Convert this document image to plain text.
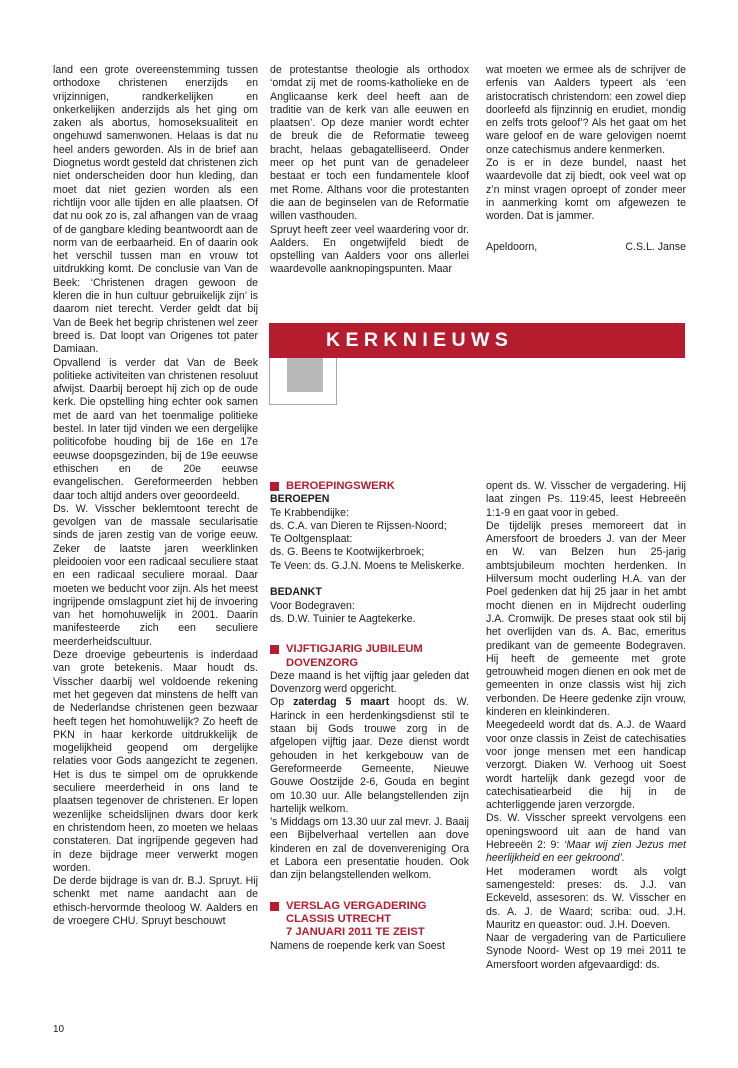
land een grote overeenstemming tussen orthodoxe christenen enerzijds en vrijzinnigen, randkerkelijken en onkerkelijken anderzijds als het ging om zaken als abortus, homoseksualiteit en ongehuwd samenwonen. Helaas is dat nu heel anders geworden. Als in de brief aan Diognetus wordt gesteld dat christenen zich niet onderscheiden door hun kleding, dan moet dat niet gezien worden als een richtlijn voor alle tijden en alle plaatsen. Of dat nu ook zo is, zal afhangen van de vraag of de gangbare kleding beantwoordt aan de norm van de eerbaarheid. En of daarin ook het verschil tussen man en vrouw tot uitdrukking komt. De conclusie van Van de Beek: ‘Christenen dragen gewoon de kleren die in hun cultuur gebruikelijk zijn’ is daarom niet terecht. Verder geldt dat bij Van de Beek het begrip christenen wel zeer breed is. Dat loopt van Origenes tot pater Damiaan.

Opvallend is verder dat Van de Beek politieke activiteiten van christenen resoluut afwijst. Daarbij beroept hij zich op de oude kerk. Die opstelling hing echter ook samen met de aard van het toenmalige politieke bestel. In later tijd vinden we een dergelijke politicofobe houding bij de 16e en 17e eeuwse doopsgezinden, bij de 19e eeuwse ethischen en de 20e eeuwse evangelischen. Gereformeerden hebben daar toch altijd anders over geoordeeld.

Ds. W. Visscher beklemtoont terecht de gevolgen van de massale secularisatie sinds de jaren zestig van de vorige eeuw. Zeker de laatste jaren weerklinken pleidooien voor een radicaal seculiere staat en een radicaal seculiere moraal. Daar moeten we beducht voor zijn. Als het meest ingrijpende omslagpunt ziet hij de invoering van het homohuwelijk in 2001. Daarin manifesteerde zich een seculiere meerderheidscultuur.

Deze droevige gebeurtenis is inderdaad van grote betekenis. Maar houdt ds. Visscher daarbij wel voldoende rekening met het gegeven dat minstens de helft van de Nederlandse christenen geen bezwaar heeft tegen het homohuwelijk? Zo heeft de PKN in haar kerkorde uitdrukkelijk de mogelijkheid geopend om dergelijke relaties voor Gods aangezicht te zegenen. Het is dus te simpel om de oprukkende seculiere meerderheid in ons land te plaatsen tegenover de christenen. Er lopen wezenlijke scheidslijnen dwars door kerk en christendom heen, zo moeten we helaas constateren. Dat ingrijpende gegeven had in deze bijdrage meer verwerkt mogen worden.

De derde bijdrage is van dr. B.J. Spruyt. Hij schenkt met name aandacht aan de ethisch-hervormde theoloog W. Aalders en de vroegere CHU. Spruyt beschouwt

de protestantse theologie als orthodox ‘omdat zij met de rooms-katholieke en de Anglicaanse kerk deel heeft aan de traditie van de kerk van alle eeuwen en plaatsen’. Op deze manier wordt echter de breuk die de Reformatie teweeg bracht, helaas gebagatelliseerd. Onder meer op het punt van de genadeleer bestaat er toch een fundamentele kloof met Rome. Althans voor die protestanten die aan de beginselen van de Reformatie willen vasthouden.

Spruyt heeft zeer veel waardering voor dr. Aalders. En ongetwijfeld biedt de opstelling van Aalders voor ons allerlei waardevolle aanknopingspunten. Maar

wat moeten we ermee als de schrijver de erfenis van Aalders typeert als ‘een aristocratisch christendom: een zowel diep doorleefd als fijnzinnig en erudiet, mondig en zelfs trots geloof’? Als het gaat om het ware geloof en de ware gelovigen noemt onze catechismus andere kenmerken.

Zo is er in deze bundel, naast het waardevolle dat zij biedt, ook veel wat op z’n minst vragen oproept of zonder meer in aanmerking komt om afgewezen te worden. Dat is jammer.

Apeldoorn,	C.S.L. Janse

KERKNIEUWS
BEROEPINGSWERK
BEROEPEN
Te Krabbendijke:
ds. C.A. van Dieren te Rijssen-Noord;
Te Ooltgensplaat:
ds. G. Beens te Kootwijkerbroek;
Te Veen: ds. G.J.N. Moens te Meliskerke.
BEDANKT
Voor Bodegraven:
ds. D.W. Tuinier te Aagtekerke.
VIJFTIGJARIG JUBILEUM
DOVENZORG

Deze maand is het vijftig jaar geleden dat Dovenzorg werd opgericht.

Op zaterdag 5 maart hoopt ds. W. Harinck in een herdenkingsdienst stil te staan bij Gods trouwe zorg in de afgelopen vijftig jaar. Deze dienst wordt gehouden in het kerkgebouw van de Gereformeerde Gemeente, Nieuwe Gouwe Oostzijde 2-6, Gouda en begint om 10.30 uur. Alle belangstellenden zijn hartelijk welkom.

’s Middags om 13.30 uur zal mevr. J. Baaij een Bijbelverhaal vertellen aan dove kinderen en zal de dovenvereniging Ora et Labora een presentatie houden. Ook dan zijn belangstellenden welkom.

VERSLAG VERGADERING
CLASSIS UTRECHT
7 JANUARI 2011 TE ZEIST

Namens de roepende kerk van Soest

opent ds. W. Visscher de vergadering. Hij laat zingen Ps. 119:45, leest Hebreeën 1:1-9 en gaat voor in gebed.

De tijdelijk preses memoreert dat in Amersfoort de broeders J. van der Meer en W. van Belzen hun 25-jarig ambtsjubileum mochten herdenken. In Hilversum mocht ouderling H.A. van der Poel gedenken dat hij 25 jaar in het ambt mocht dienen en in Mijdrecht ouderling J.A. Cromwijk. De preses staat ook stil bij het overlijden van ds. A. Bac, emeritus predikant van de gemeente Bodegraven. Hij heeft de gemeente met grote getrouwheid mogen dienen en ook met de gemeenten in onze classis wist hij zich verbonden. De Heere gedenke zijn vrouw, kinderen en kleinkinderen.

Meegedeeld wordt dat ds. A.J. de Waard voor onze classis in Zeist de catechisaties voor jonge mensen met een handicap verzorgt. Diaken W. Verhoog uit Soest wordt hartelijk dank gezegd voor de catechisatiearbeid die hij in de achterliggende jaren verzorgde.

Ds. W. Visscher spreekt vervolgens een openingswoord uit aan de hand van Hebreeën 2: 9: ‘Maar wij zien Jezus met heerlijkheid en eer gekroond’.

Het moderamen wordt als volgt samengesteld: preses: ds. J.J. van Eckeveld, assesoren: ds. W. Visscher en ds. A. J. de Waard; scriba: oud. J.H. Mauritz en queastor: oud. J.H. Doeven.

Naar de vergadering van de Particuliere Synode Noord- West op 19 mei 2011 te Amersfoort worden afgevaardigd: ds.

10
